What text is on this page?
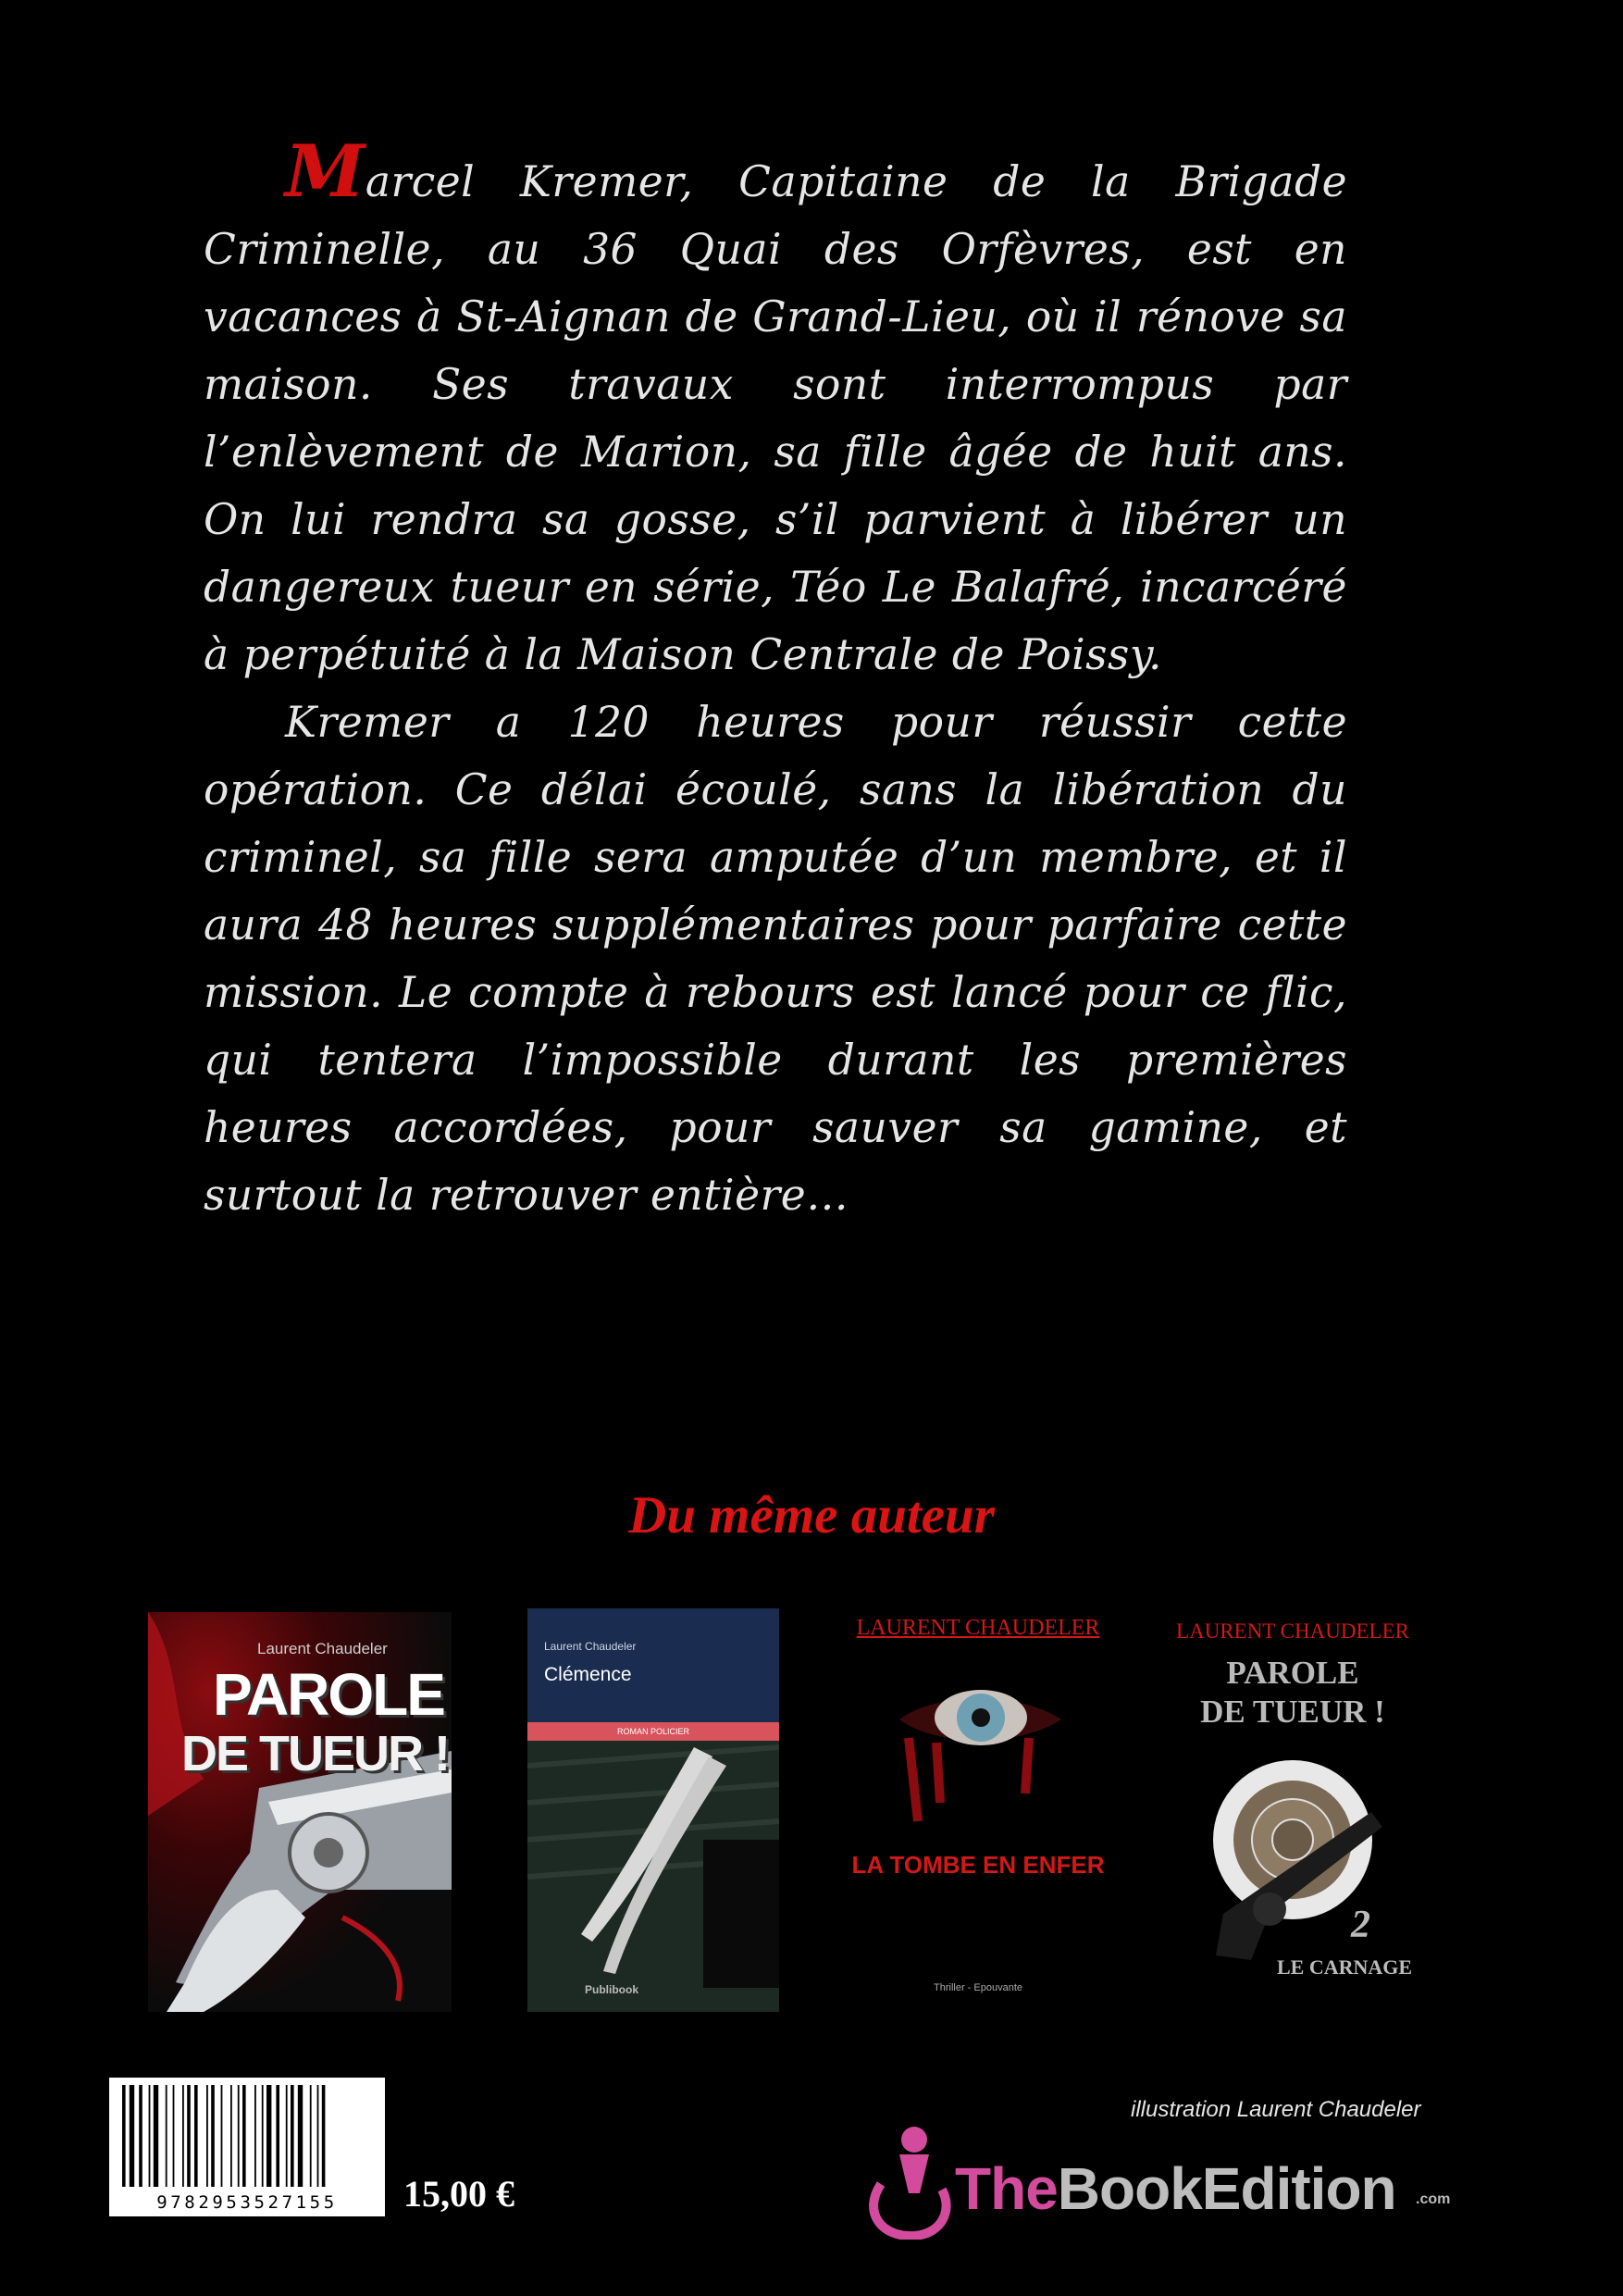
Marcel Kremer, Capitaine de la Brigade Criminelle, au 36 Quai des Orfèvres, est en vacances à St-Aignan de Grand-Lieu, où il rénove sa maison. Ses travaux sont interrompus par l’enlèvement de Marion, sa fille âgée de huit ans. On lui rendra sa gosse, s’il parvient à libérer un dangereux tueur en série, Téo Le Balafré, incarcéré à perpétuité à la Maison Centrale de Poissy.

Kremer a 120 heures pour réussir cette opération. Ce délai écoulé, sans la libération du criminel, sa fille sera amputée d’un membre, et il aura 48 heures supplémentaires pour parfaire cette mission. Le compte à rebours est lancé pour ce flic, qui tentera l’impossible durant les premières heures accordées, pour sauver sa gamine, et surtout la retrouver entière…

Du même auteur
Laurent Chaudeler
PAROLE
DE TUEUR !
Laurent Chaudeler
Clémence
ROMAN POLICIER
Publibook
LAURENT CHAUDELER
LA TOMBE EN ENFER
Thriller - Epouvante
LAURENT CHAUDELER
PAROLE
DE TUEUR !
2
LE CARNAGE
9782953527155	15,00 €
illustration Laurent Chaudeler
TheBookEdition .com
